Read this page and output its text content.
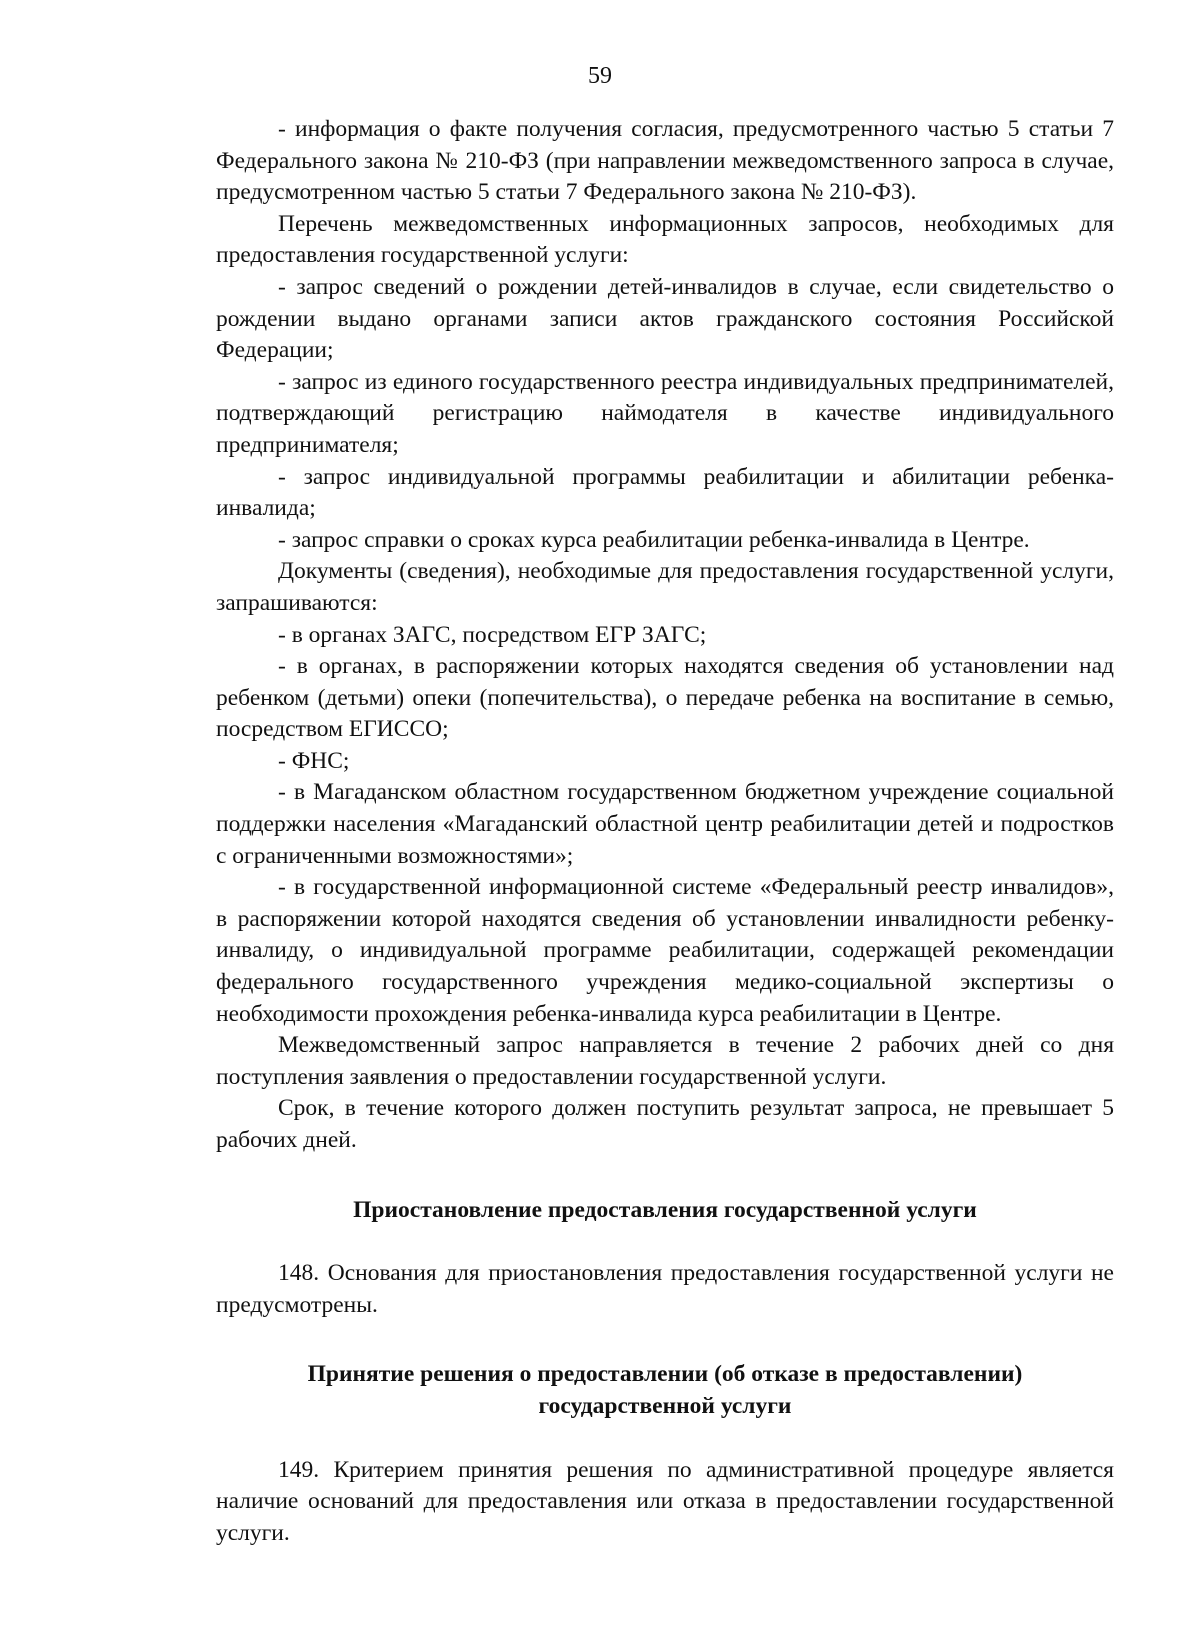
59

- информация о факте получения согласия, предусмотренного частью 5 статьи 7 Федерального закона № 210-ФЗ (при направлении межведомственного запроса в случае, предусмотренном частью 5 статьи 7 Федерального закона № 210-ФЗ).

Перечень межведомственных информационных запросов, необходимых для предоставления государственной услуги:

- запрос сведений о рождении детей-инвалидов в случае, если свидетельство о рождении выдано органами записи актов гражданского состояния Российской Федерации;

- запрос из единого государственного реестра индивидуальных предпринимателей, подтверждающий регистрацию наймодателя в качестве индивидуального предпринимателя;

- запрос индивидуальной программы реабилитации и абилитации ребенка-инвалида;

- запрос справки о сроках курса реабилитации ребенка-инвалида в Центре.

Документы (сведения), необходимые для предоставления государственной услуги, запрашиваются:

- в органах ЗАГС, посредством ЕГР ЗАГС;

- в органах, в распоряжении которых находятся сведения об установлении над ребенком (детьми) опеки (попечительства), о передаче ребенка на воспитание в семью, посредством ЕГИССО;

- ФНС;

- в Магаданском областном государственном бюджетном учреждение социальной поддержки населения «Магаданский областной центр реабилитации детей и подростков с ограниченными возможностями»;

- в государственной информационной системе «Федеральный реестр инвалидов», в распоряжении которой находятся сведения об установлении инвалидности ребенку-инвалиду, о индивидуальной программе реабилитации, содержащей рекомендации федерального государственного учреждения медико-социальной экспертизы о необходимости прохождения ребенка-инвалида курса реабилитации в Центре.

Межведомственный запрос направляется в течение 2 рабочих дней со дня поступления заявления о предоставлении государственной услуги.

Срок, в течение которого должен поступить результат запроса, не превышает 5 рабочих дней.

Приостановление предоставления государственной услуги

148. Основания для приостановления предоставления государственной услуги не предусмотрены.

Принятие решения о предоставлении (об отказе в предоставлении)
государственной услуги

149. Критерием принятия решения по административной процедуре является наличие оснований для предоставления или отказа в предоставлении государственной услуги.
